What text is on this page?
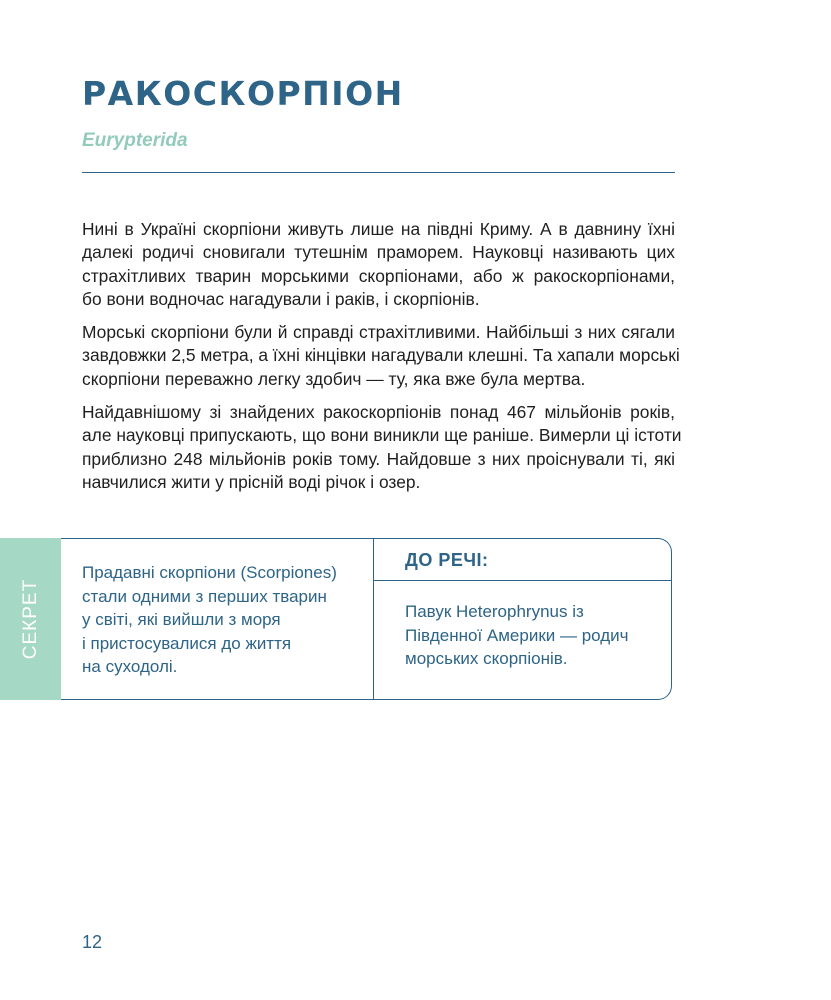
РАКОСКОРПІОН
Eurypterida

Нині в Україні скорпіони живуть лише на півдні Криму. А в давнину їхні
далекі родичі сновигали тутешнім праморем. Науковці називають цих
страхітливих тварин морськими скорпіонами, або ж ракоскорпіонами,
бо вони водночас нагадували і раків, і скорпіонів.

Морські скорпіони були й справді страхітливими. Найбільші з них сягали
завдовжки 2,5 метра, а їхні кінцівки нагадували клешні. Та хапали морські
скорпіони переважно легку здобич — ту, яка вже була мертва.

Найдавнішому зі знайдених ракоскорпіонів понад 467 мільйонів років,
але науковці припускають, що вони виникли ще раніше. Вимерли ці істоти
приблизно 248 мільйонів років тому. Найдовше з них проіснували ті, які
навчилися жити у прісній воді річок і озер.

СЕКРЕТ
Прадавні скорпіони (Scorpiones)
стали одними з перших тварин
у світі, які вийшли з моря
і пристосувалися до життя
на суходолі.
ДО РЕЧІ:
Павук Heterophrynus із
Південної Америки — родич
морських скорпіонів.
12
